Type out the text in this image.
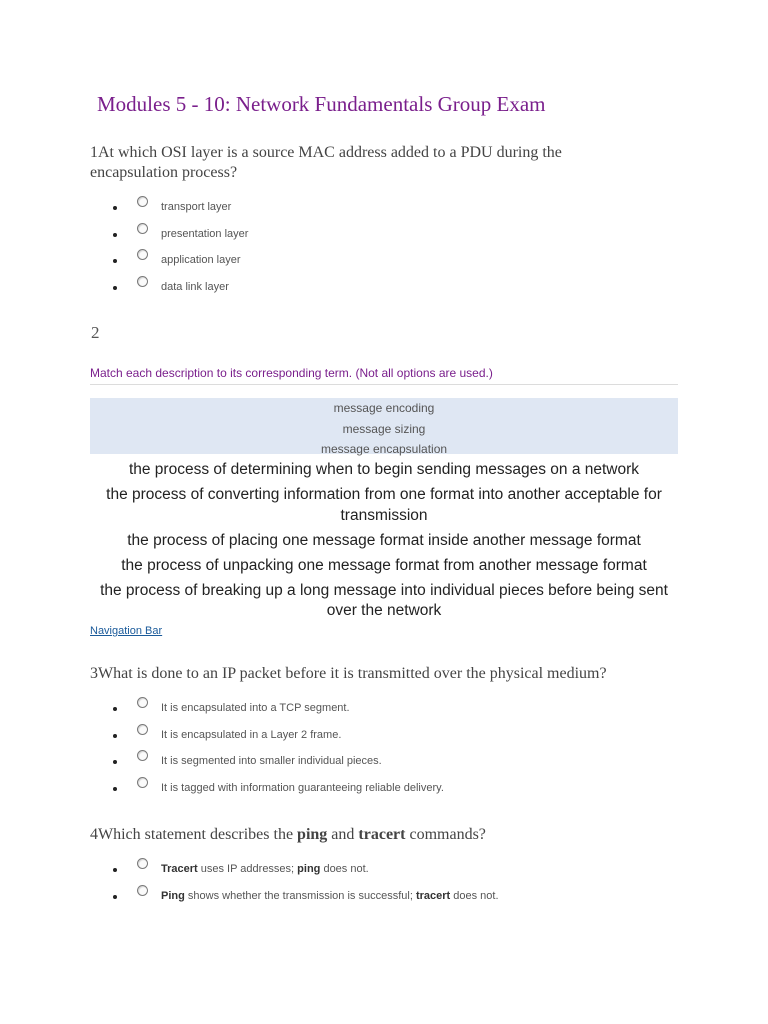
Modules 5 - 10: Network Fundamentals Group Exam

1At which OSI layer is a source MAC address added to a PDU during the encapsulation process?

transport layer
presentation layer
application layer
data link layer
2
Match each description to its corresponding term. (Not all options are used.)
message encoding
message sizing
message encapsulation
the process of determining when to begin sending messages on a network
the process of converting information from one format into another acceptable for transmission
the process of placing one message format inside another message format
the process of unpacking one message format from another message format
the process of breaking up a long message into individual pieces before being sent over the network
Navigation Bar

3What is done to an IP packet before it is transmitted over the physical medium?

It is encapsulated into a TCP segment.
It is encapsulated in a Layer 2 frame.
It is segmented into smaller individual pieces.
It is tagged with information guaranteeing reliable delivery.

4Which statement describes the ping and tracert commands?

Tracert uses IP addresses; ping does not.
Ping shows whether the transmission is successful; tracert does not.
